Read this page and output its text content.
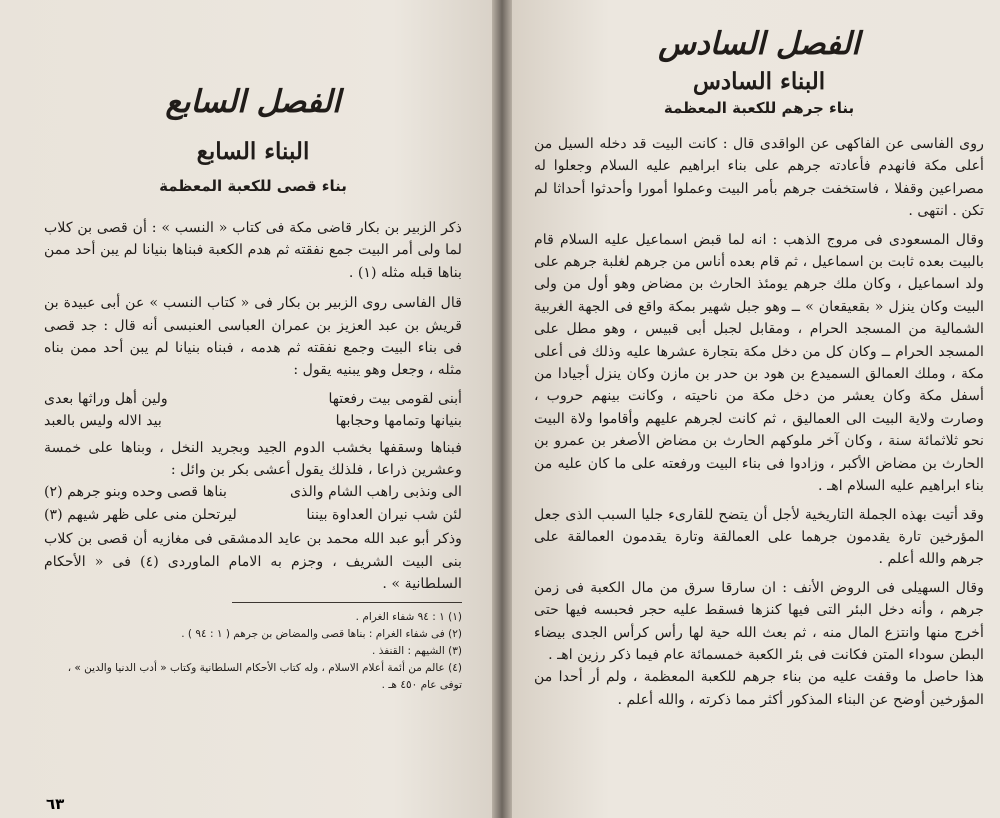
الفصل السابع
البناء السابع
بناء قصى للكعبة المعظمة

ذكر الزبير بن بكار قاضى مكة فى كتاب « النسب » : أن قصى بن كلاب لما ولى أمر البيت جمع نفقته ثم هدم الكعبة فبناها بنيانا لم يبن أحد ممن بناها قبله مثله (١) .

قال الفاسى روى الزبير بن بكار فى « كتاب النسب » عن أبى عبيدة بن قريش بن عبد العزيز بن عمران العباسى العنبسى أنه قال : جد قصى فى بناء البيت وجمع نفقته ثم هدمه ، فبناه بنيانا لم يبن أحد ممن بناه مثله ، وجعل وهو يبنيه يقول :

أبنى لقومى بيت رفعتها
ولين أهل وراثها بعدى
بنيانها وتمامها وحجابها
بيد الاله وليس بالعبد

فبناها وسقفها بخشب الدوم الجيد وبجريد النخل ، وبناها على خمسة وعشرين ذراعا ، فلذلك يقول أعشى بكر بن وائل :

الى ونذبى راهب الشام والذى
بناها قصى وحده وبنو جرهم (٢)
لئن شب نيران العداوة بيننا
ليرتحلن منى على ظهر شيهم (٣)

وذكر أبو عبد الله محمد بن عايد الدمشقى فى مغازيه أن قصى بن كلاب بنى البيت الشريف ، وجزم به الامام الماوردى (٤) فى « الأحكام السلطانية » .

(١) ١ : ٩٤ شفاء الغرام .

(٢) فى شفاء الغرام : بناها قصى والمضاض بن جرهم ( ١ : ٩٤ ) .

(٣) الشيهم : القنفذ .

(٤) عالم من أئمة أعلام الاسلام ، وله كتاب الأحكام السلطانية وكتاب « أدب الدنيا والدين » ،

توفى عام ٤٥٠ هـ .

٦٣
الفصل السادس
البناء السادس
بناء جرهم للكعبة المعظمة

روى الفاسى عن الفاكهى عن الواقدى قال : كانت البيت قد دخله السيل من أعلى مكة فانهدم فأعادته جرهم على بناء ابراهيم عليه السلام وجعلوا له مصراعين وقفلا ، فاستخفت جرهم بأمر البيت وعملوا أمورا وأحدثوا أحداثا لم تكن . انتهى .

وقال المسعودى فى مروج الذهب : انه لما قبض اسماعيل عليه السلام قام بالبيت بعده ثابت بن اسماعيل ، ثم قام بعده أناس من جرهم لغلبة جرهم على ولد اسماعيل ، وكان ملك جرهم يومئذ الحارث بن مضاض وهو أول من ولى البيت وكان ينزل « بقعيقعان » ــ وهو جبل شهير بمكة واقع فى الجهة الغربية الشمالية من المسجد الحرام ، ومقابل لجبل أبى قبيس ، وهو مطل على المسجد الحرام ــ وكان كل من دخل مكة بتجارة عشرها عليه وذلك فى أعلى مكة ، وملك العمالق السميدع بن هود بن حدر بن مازن وكان ينزل أجيادا من أسفل مكة وكان يعشر من دخل مكة من ناحيته ، وكانت بينهم حروب ، وصارت ولاية البيت الى العماليق ، ثم كانت لجرهم عليهم وأقاموا ولاة البيت نحو ثلاثمائة سنة ، وكان آخر ملوكهم الحارث بن مضاض الأصغر بن عمرو بن الحارث بن مضاض الأكبر ، وزادوا فى بناء البيت ورفعته على ما كان عليه من بناء ابراهيم عليه السلام اهـ .

وقد أتيت بهذه الجملة التاريخية لأجل أن يتضح للقارىء جليا السبب الذى جعل المؤرخين تارة يقدمون جرهما على العمالقة وتارة يقدمون العمالقة على جرهم والله أعلم .

وقال السهيلى فى الروض الأنف : ان سارقا سرق من مال الكعبة فى زمن جرهم ، وأنه دخل البئر التى فيها كنزها فسقط عليه حجر فحبسه فيها حتى أخرج منها وانتزع المال منه ، ثم بعث الله حية لها رأس كرأس الجدى بيضاء البطن سوداء المتن فكانت فى بئر الكعبة خمسمائة عام فيما ذكر رزين اهـ .

هذا حاصل ما وقفت عليه من بناء جرهم للكعبة المعظمة ، ولم أر أحدا من المؤرخين أوضح عن البناء المذكور أكثر مما ذكرته ، والله أعلم .
